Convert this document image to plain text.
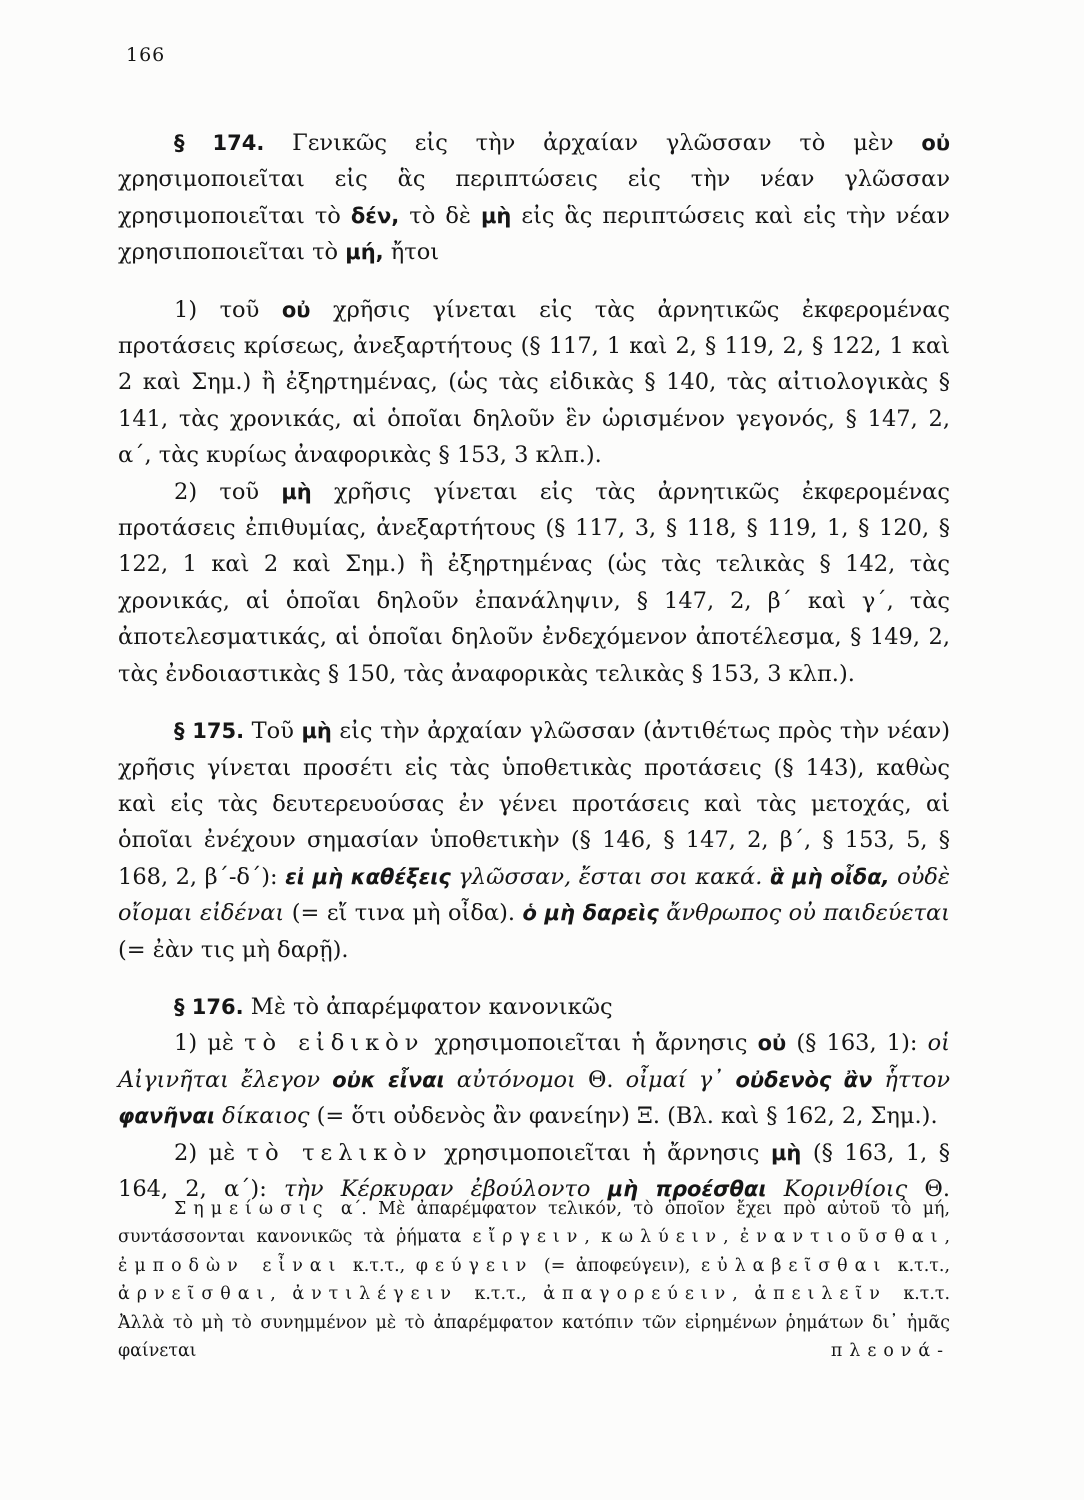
166

§ 174. Γενικῶς εἰς τὴν ἀρχαίαν γλῶσσαν τὸ μὲν οὐ χρησιμοποιεῖται εἰς ἃς περιπτώσεις εἰς τὴν νέαν γλῶσσαν χρησιμοποιεῖται τὸ δέν, τὸ δὲ μὴ εἰς ἃς περιπτώσεις καὶ εἰς τὴν νέαν χρησιποποιεῖται τὸ μή, ἤτοι

1) τοῦ οὐ χρῆσις γίνεται εἰς τὰς ἀρνητικῶς ἐκφερομένας προτάσεις κρίσεως, ἀνεξαρτήτους (§ 117, 1 καὶ 2, § 119, 2, § 122, 1 καὶ 2 καὶ Σημ.) ἢ ἐξηρτημένας, (ὡς τὰς εἰδικὰς § 140, τὰς αἰτιολογικὰς § 141, τὰς χρονικάς, αἱ ὁποῖαι δηλοῦν ἓν ὡρισμένον γεγονός, § 147, 2, α΄, τὰς κυρίως ἀναφορικὰς § 153, 3 κλπ.).

2) τοῦ μὴ χρῆσις γίνεται εἰς τὰς ἀρνητικῶς ἐκφερομένας προτάσεις ἐπιθυμίας, ἀνεξαρτήτους (§ 117, 3, § 118, § 119, 1, § 120, § 122, 1 καὶ 2 καὶ Σημ.) ἢ ἐξηρτημένας (ὡς τὰς τελικὰς § 142, τὰς χρονικάς, αἱ ὁποῖαι δηλοῦν ἐπανάληψιν, § 147, 2, β΄ καὶ γ΄, τὰς ἀποτελεσματικάς, αἱ ὁποῖαι δηλοῦν ἐνδεχόμενον ἀποτέλεσμα, § 149, 2, τὰς ἐνδοιαστικὰς § 150, τὰς ἀναφορικὰς τελικὰς § 153, 3 κλπ.).

§ 175. Τοῦ μὴ εἰς τὴν ἀρχαίαν γλῶσσαν (ἀντιθέτως πρὸς τὴν νέαν) χρῆσις γίνεται προσέτι εἰς τὰς ὑποθετικὰς προτάσεις (§ 143), καθὼς καὶ εἰς τὰς δευτερευούσας ἐν γένει προτάσεις καὶ τὰς μετοχάς, αἱ ὁποῖαι ἐνέχουν σημασίαν ὑποθετικὴν (§ 146, § 147, 2, β΄, § 153, 5, § 168, 2, β΄-δ΄): εἰ μὴ καθέξεις γλῶσσαν, ἔσται σοι κακά. ἃ μὴ οἶδα, οὐδὲ οἴομαι εἰδέναι (= εἴ τινα μὴ οἶδα). ὁ μὴ δαρεὶς ἄνθρωπος οὐ παιδεύεται (= ἐὰν τις μὴ δαρῇ).

§ 176. Μὲ τὸ ἀπαρέμφατον κανονικῶς

1) μὲ τὸ εἰδικὸν χρησιμοποιεῖται ἡ ἄρνησις οὐ (§ 163, 1): οἱ Αἰγινῆται ἔλεγον οὐκ εἶναι αὐτόνομοι Θ. οἶμαί γ᾽ οὐδενὸς ἂν ἧττον φανῆναι δίκαιος (= ὅτι οὐδενὸς ἂν φανείην) Ξ. (Βλ. καὶ § 162, 2, Σημ.).

2) μὲ τὸ τελικὸν χρησιμοποιεῖται ἡ ἄρνησις μὴ (§ 163, 1, § 164, 2, α΄): τὴν Κέρκυραν ἐβούλοντο μὴ προέσθαι Κορινθίοις Θ.

Σημείωσις α΄. Μὲ ἀπαρέμφατον τελικόν, τὸ ὁποῖον ἔχει πρὸ αὐτοῦ τὸ μή, συντάσσονται κανονικῶς τὰ ῥήματα εἴργειν, κωλύειν, ἐναντιοῦσθαι, ἐμποδὼν εἶναι κ.τ.τ., φεύγειν (= ἀποφεύγειν), εὐλαβεῖσθαι κ.τ.τ., ἀρνεῖσθαι, ἀντιλέγειν κ.τ.τ., ἀπαγορεύειν, ἀπειλεῖν κ.τ.τ. Ἀλλὰ τὸ μὴ τὸ συνημμένον μὲ τὸ ἀπαρέμφατον κατόπιν τῶν εἰρημένων ῥημάτων δι᾽ ἡμᾶς φαίνεται πλεονά-
